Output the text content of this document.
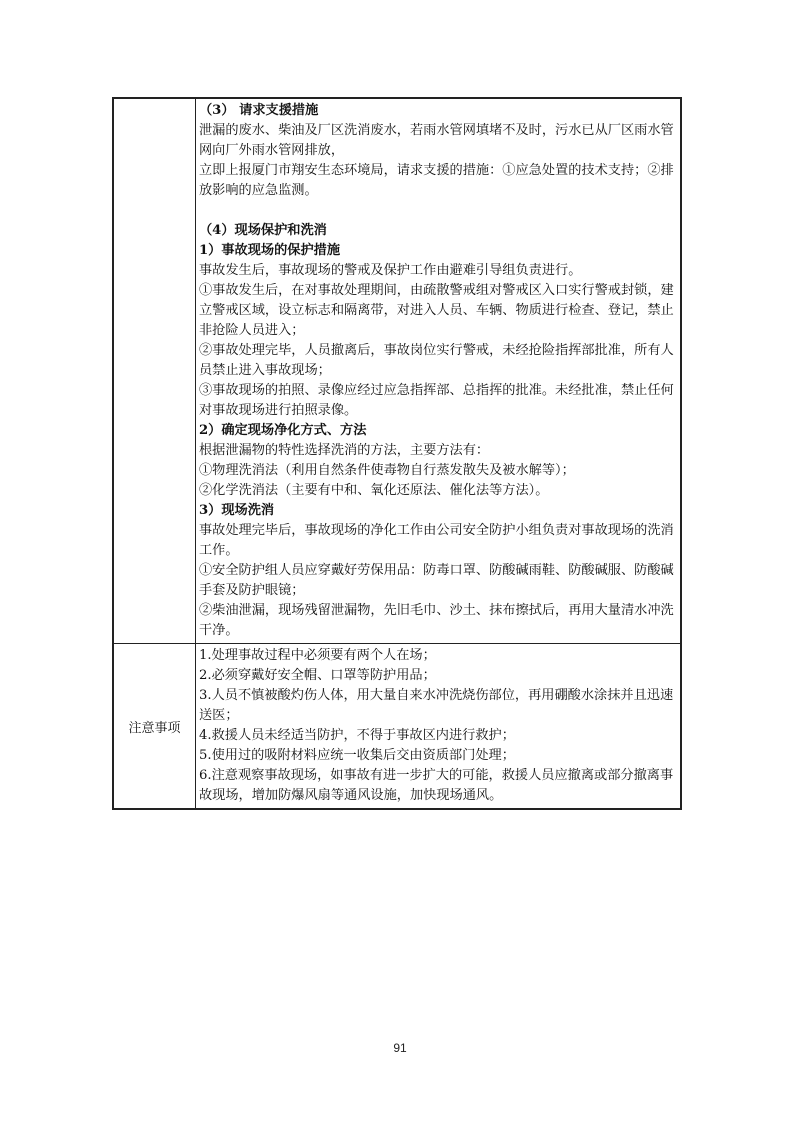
（3） 请求支援措施
泄漏的废水、柴油及厂区洗消废水，若雨水管网填堵不及时，污水已从厂区雨水管网向厂外雨水管网排放，
立即上报厦门市翔安生态环境局，请求支援的措施：①应急处置的技术支持；②排放影响的应急监测。
（4）现场保护和洗消
1）事故现场的保护措施
事故发生后，事故现场的警戒及保护工作由避难引导组负责进行。
①事故发生后，在对事故处理期间，由疏散警戒组对警戒区入口实行警戒封锁，建立警戒区域，设立标志和隔离带，对进入人员、车辆、物质进行检查、登记，禁止非抢险人员进入；
②事故处理完毕，人员撤离后，事故岗位实行警戒，未经抢险指挥部批准，所有人员禁止进入事故现场；
③事故现场的拍照、录像应经过应急指挥部、总指挥的批准。未经批准，禁止任何对事故现场进行拍照录像。
2）确定现场净化方式、方法
根据泄漏物的特性选择洗消的方法，主要方法有：
①物理洗消法（利用自然条件使毒物自行蒸发散失及被水解等）；
②化学洗消法（主要有中和、氧化还原法、催化法等方法）。
3）现场洗消
事故处理完毕后，事故现场的净化工作由公司安全防护小组负责对事故现场的洗消工作。
①安全防护组人员应穿戴好劳保用品：防毒口罩、防酸碱雨鞋、防酸碱服、防酸碱手套及防护眼镜；
②柴油泄漏，现场残留泄漏物，先旧毛巾、沙土、抹布擦拭后，再用大量清水冲洗干净。
注意事项
1.处理事故过程中必须要有两个人在场；
2.必须穿戴好安全帽、口罩等防护用品；
3.人员不慎被酸灼伤人体，用大量自来水冲洗烧伤部位，再用硼酸水涂抹并且迅速送医；
4.救援人员未经适当防护，不得于事故区内进行救护；
5.使用过的吸附材料应统一收集后交由资质部门处理；
6.注意观察事故现场，如事故有进一步扩大的可能，救援人员应撤离或部分撤离事故现场，增加防爆风扇等通风设施，加快现场通风。
91
